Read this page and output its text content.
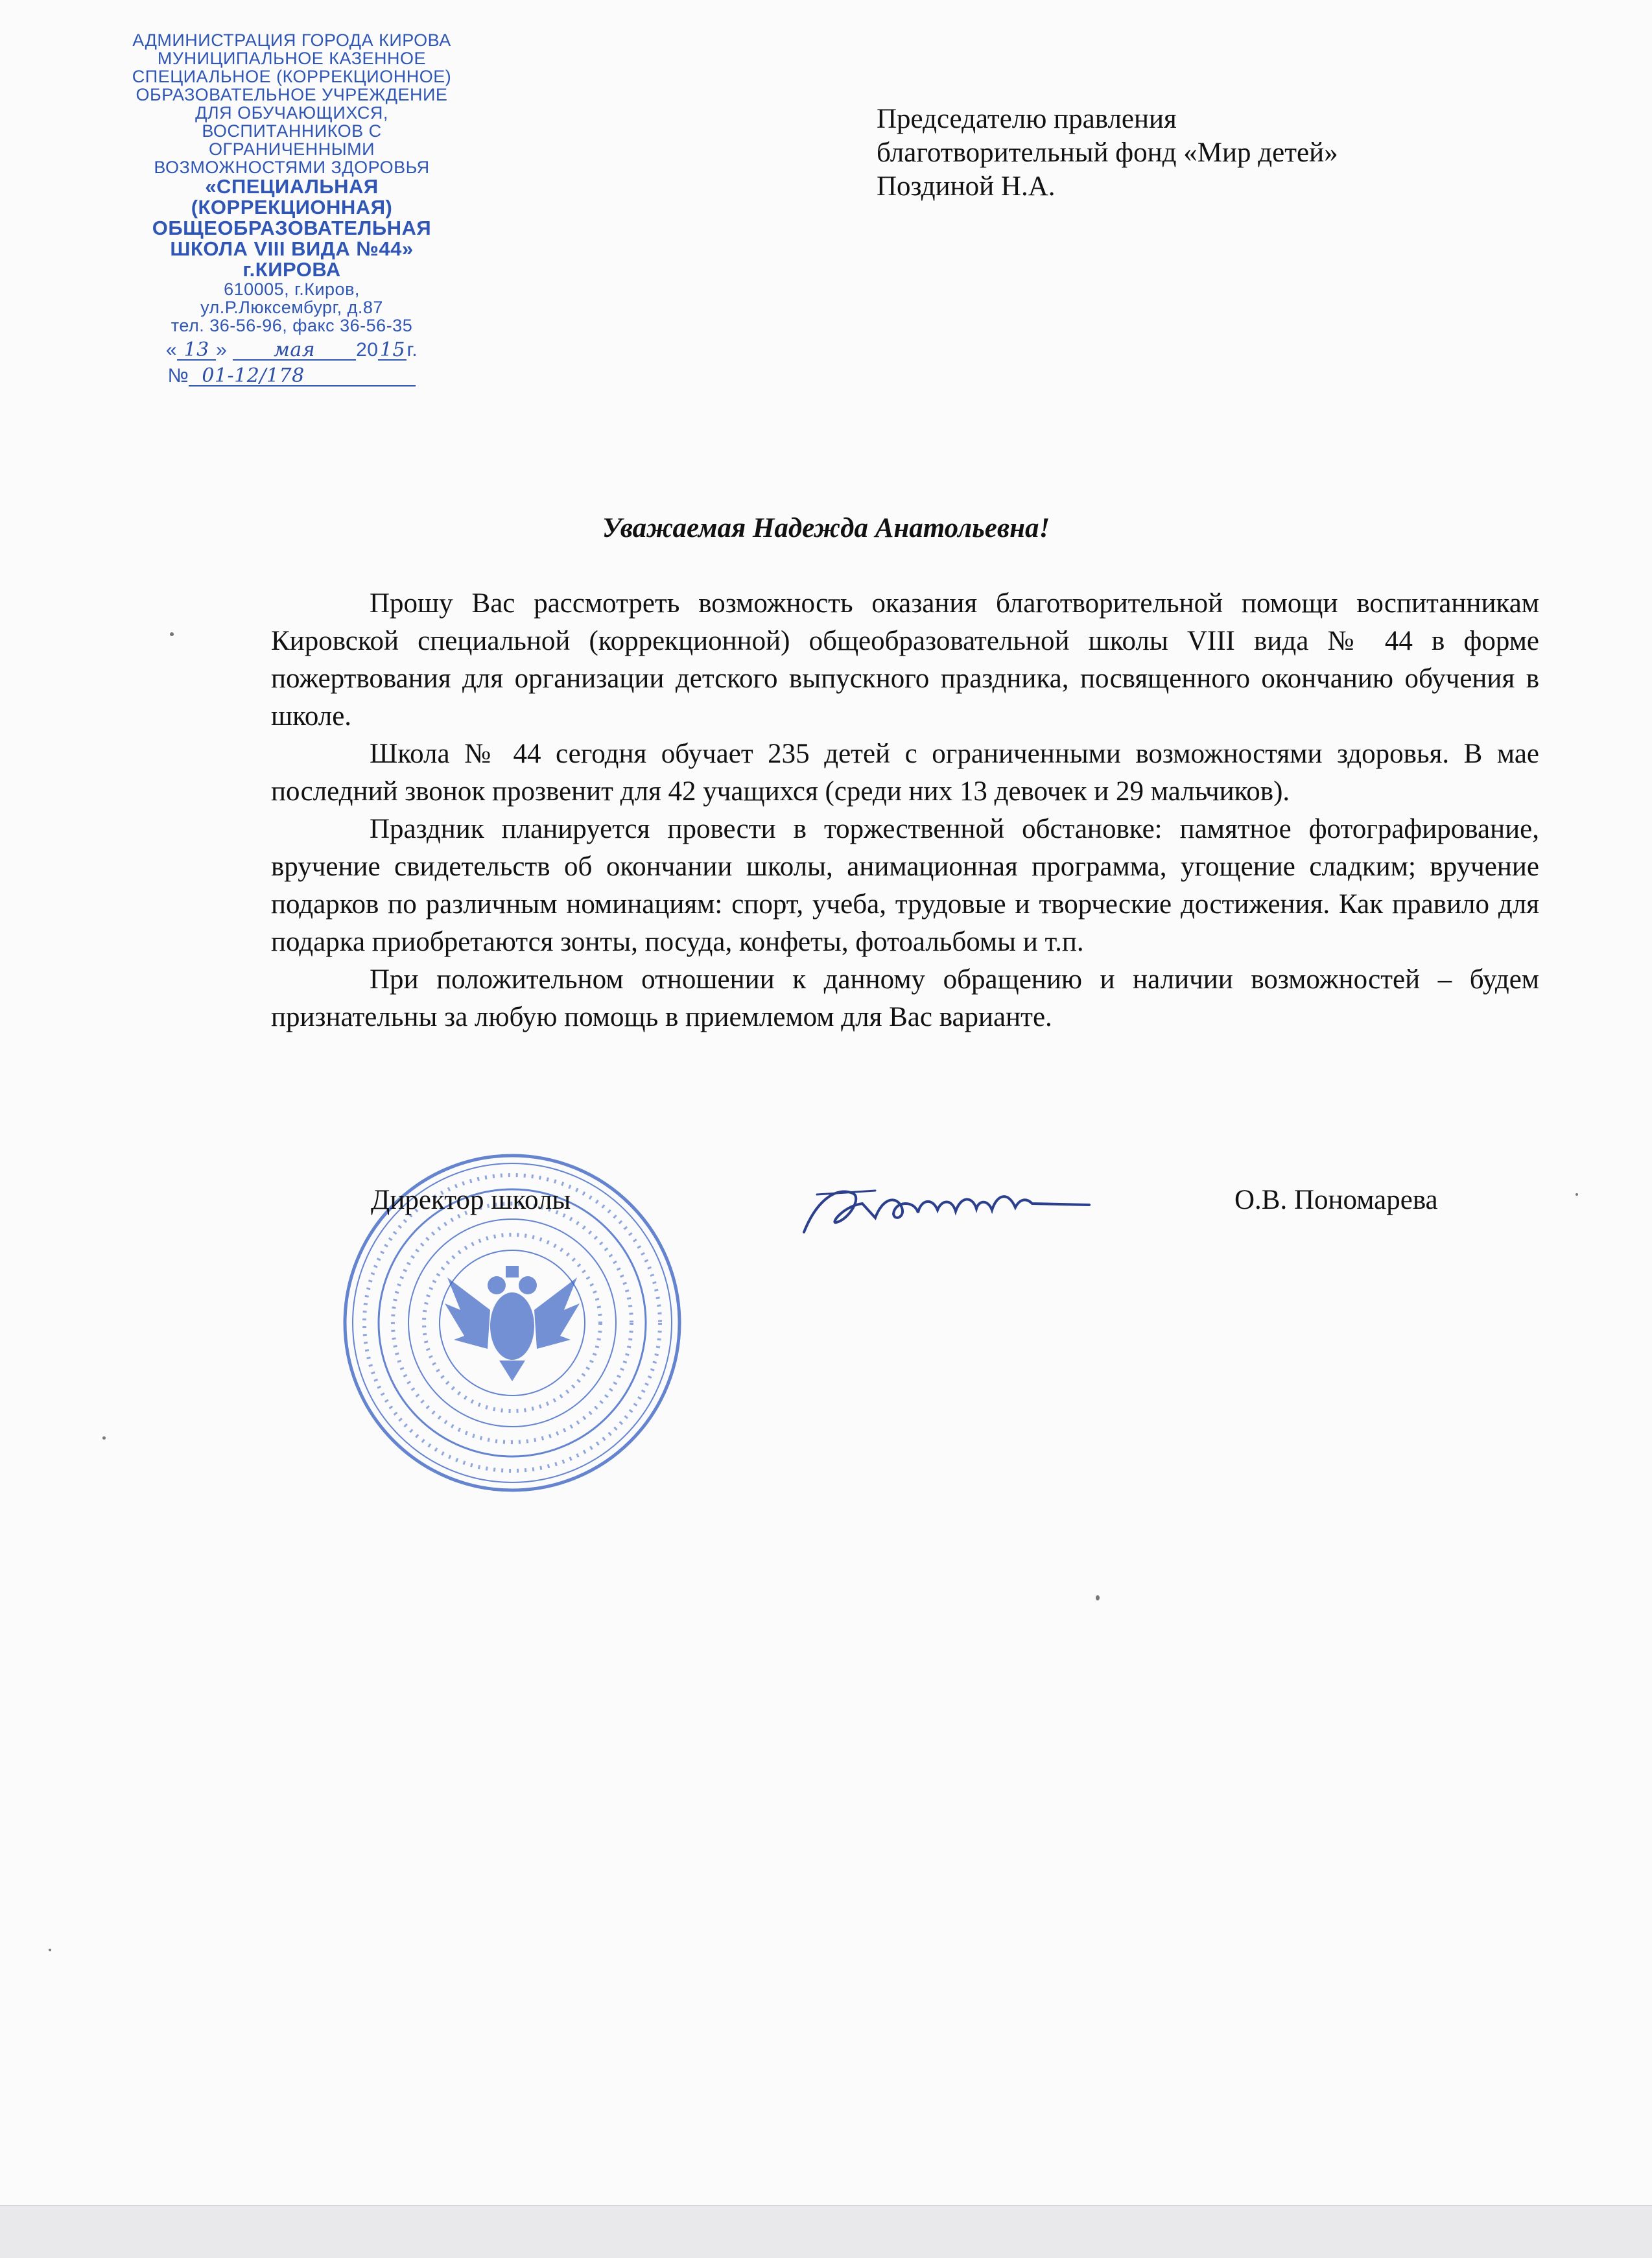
АДМИНИСТРАЦИЯ ГОРОДА КИРОВА
МУНИЦИПАЛЬНОЕ КАЗЕННОЕ
СПЕЦИАЛЬНОЕ (КОРРЕКЦИОННОЕ)
ОБРАЗОВАТЕЛЬНОЕ УЧРЕЖДЕНИЕ
ДЛЯ ОБУЧАЮЩИХСЯ,
ВОСПИТАННИКОВ С
ОГРАНИЧЕННЫМИ
ВОЗМОЖНОСТЯМИ ЗДОРОВЬЯ
«СПЕЦИАЛЬНАЯ
(КОРРЕКЦИОННАЯ)
ОБЩЕОБРАЗОВАТЕЛЬНАЯ
ШКОЛА VIII ВИДА №44»
г.КИРОВА
610005, г.Киров,
ул.Р.Люксембург, д.87
тел. 36-56-96, факс 36-56-35
« 13 » мая 2015г.
№ 01-12/178
Председателю правления
благотворительный фонд «Мир детей»
Поздиной Н.А.
Уважаемая Надежда Анатольевна!

Прошу Вас рассмотреть возможность оказания благотворительной помощи воспитанникам Кировской специальной (коррекционной) общеобразовательной школы VIII вида № 44 в форме пожертвования для организации детского выпускного праздника, посвященного окончанию обучения в школе.

Школа № 44 сегодня обучает 235 детей с ограниченными возможностями здоровья. В мае последний звонок прозвенит для 42 учащихся (среди них 13 девочек и 29 мальчиков).

Праздник планируется провести в торжественной обстановке: памятное фотографирование, вручение свидетельств об окончании школы, анимационная программа, угощение сладким; вручение подарков по различным номинациям: спорт, учеба, трудовые и творческие достижения. Как правило для подарка приобретаются зонты, посуда, конфеты, фотоальбомы и т.п.

При положительном отношении к данному обращению и наличии возможностей – будем признательны за любую помощь в приемлемом для Вас варианте.

Директор школы	О.В. Пономарева
